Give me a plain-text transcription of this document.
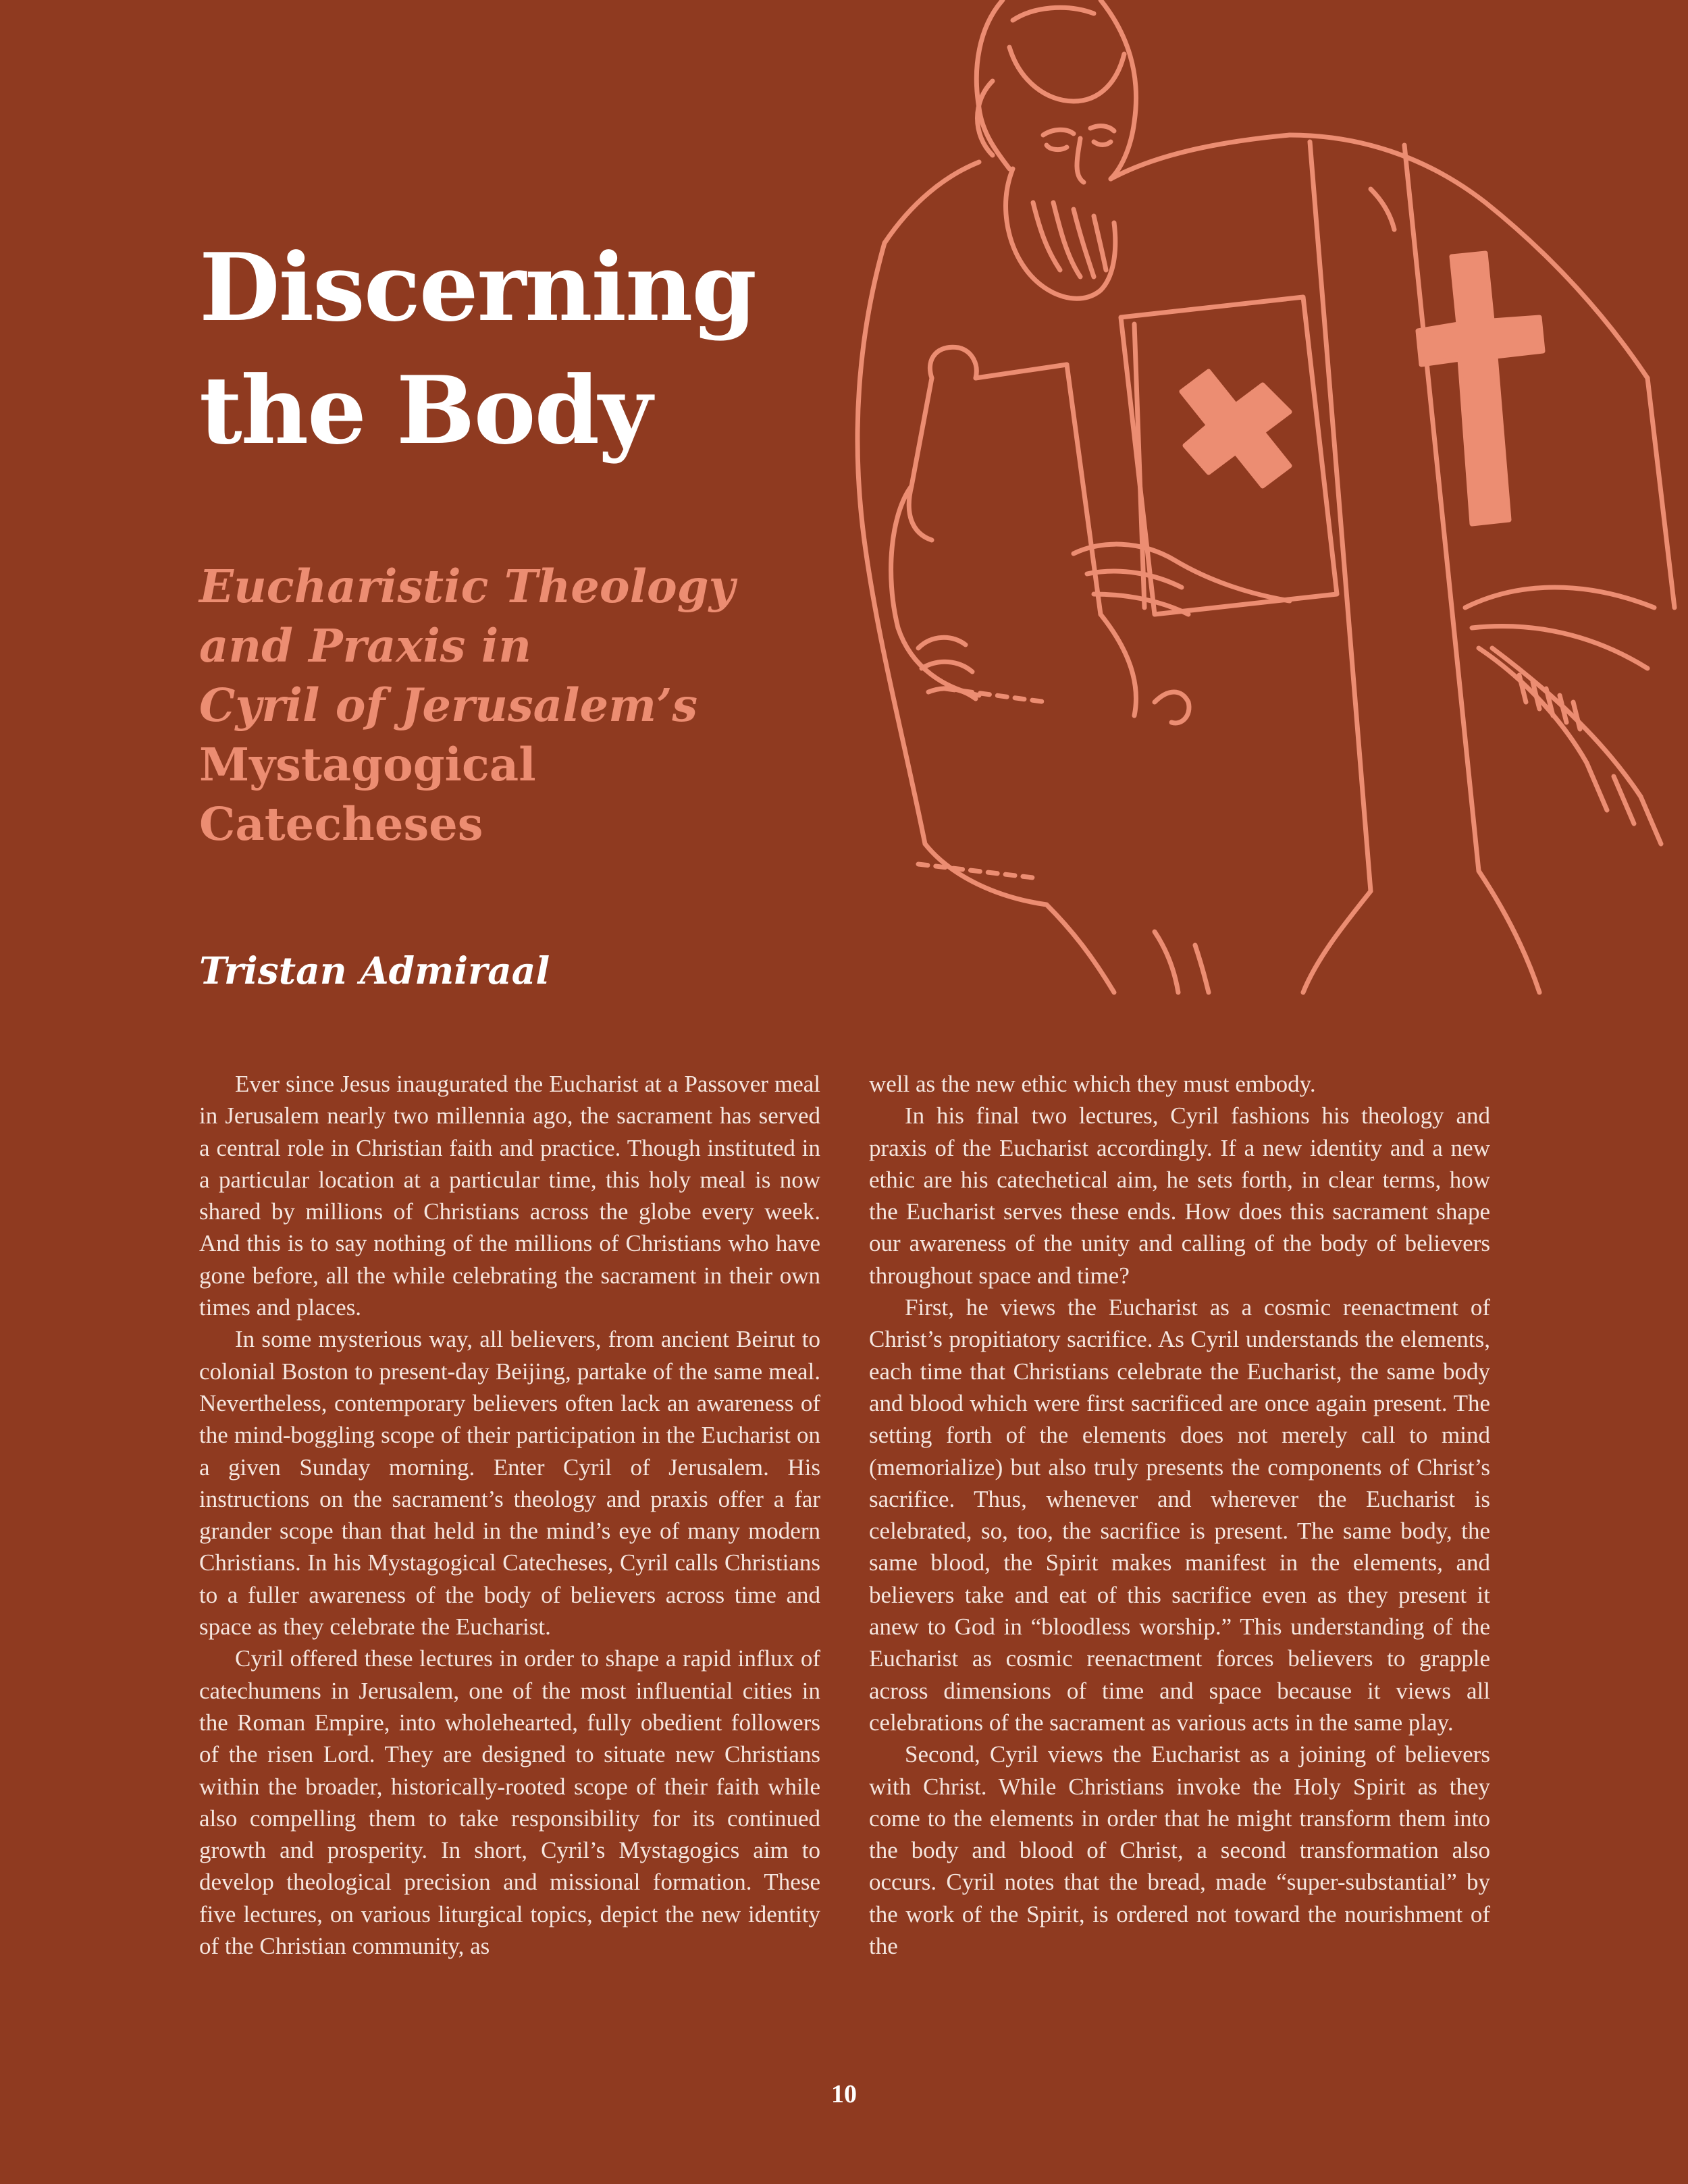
Discerning
the Body
Eucharistic Theology
and Praxis in
Cyril of Jerusalem’s
Mystagogical
Catecheses
Tristan Admiraal

Ever since Jesus inaugurated the Eucharist at a Passover meal in Jerusalem nearly two millennia ago, the sacrament has served a central role in Christian faith and practice. Though instituted in a particular location at a particular time, this holy meal is now shared by millions of Christians across the globe every week. And this is to say nothing of the millions of Christians who have gone before, all the while celebrating the sacrament in their own times and places.

In some mysterious way, all believers, from ancient Beirut to colonial Boston to present-day Beijing, partake of the same meal. Nevertheless, contemporary believers often lack an awareness of the mind-boggling scope of their participation in the Eucharist on a given Sunday morning. Enter Cyril of Jerusalem. His instructions on the sacrament’s theology and praxis offer a far grander scope than that held in the mind’s eye of many modern Christians. In his Mystagogical Catecheses, Cyril calls Christians to a fuller awareness of the body of believers across time and space as they celebrate the Eucharist.

Cyril offered these lectures in order to shape a rapid influx of catechumens in Jerusalem, one of the most influential cities in the Roman Empire, into wholehearted, fully obedient followers of the risen Lord. They are designed to situate new Christians within the broader, historically-rooted scope of their faith while also compelling them to take responsibility for its continued growth and prosperity. In short, Cyril’s Mystagogics aim to develop theological precision and missional formation. These five lectures, on various liturgical topics, depict the new identity of the Christian community, as

well as the new ethic which they must embody.

In his final two lectures, Cyril fashions his theology and praxis of the Eucharist accordingly. If a new identity and a new ethic are his catechetical aim, he sets forth, in clear terms, how the Eucharist serves these ends. How does this sacrament shape our awareness of the unity and calling of the body of believers throughout space and time?

First, he views the Eucharist as a cosmic reenactment of Christ’s propitiatory sacrifice. As Cyril understands the elements, each time that Christians celebrate the Eucharist, the same body and blood which were first sacrificed are once again present. The setting forth of the elements does not merely call to mind (memorialize) but also truly presents the components of Christ’s sacrifice. Thus, whenever and wherever the Eucharist is celebrated, so, too, the sacrifice is present. The same body, the same blood, the Spirit makes manifest in the elements, and believers take and eat of this sacrifice even as they present it anew to God in “bloodless worship.” This understanding of the Eucharist as cosmic reenactment forces believers to grapple across dimensions of time and space because it views all celebrations of the sacrament as various acts in the same play.

Second, Cyril views the Eucharist as a joining of believers with Christ. While Christians invoke the Holy Spirit as they come to the elements in order that he might transform them into the body and blood of Christ, a second transformation also occurs. Cyril notes that the bread, made “super-substantial” by the work of the Spirit, is ordered not toward the nourishment of the

10
